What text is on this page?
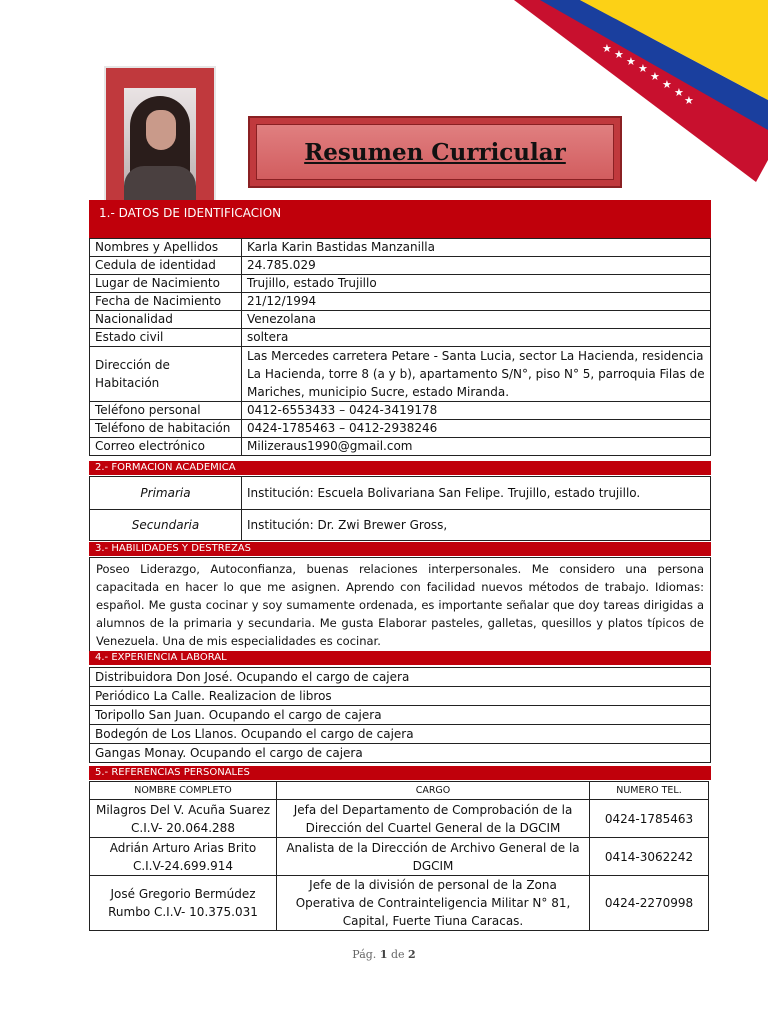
★ ★
★
★
★
★
★
★
Resumen Curricular
1.- DATOS DE IDENTIFICACION
Nombres y Apellidos	Karla Karin Bastidas Manzanilla
Cedula de identidad	24.785.029
Lugar de Nacimiento	Trujillo, estado Trujillo
Fecha de Nacimiento	21/12/1994
Nacionalidad	Venezolana
Estado civil	soltera
Dirección de Habitación	Las Mercedes carretera Petare - Santa Lucia, sector La Hacienda, residencia La Hacienda, torre 8 (a y b), apartamento S/N°, piso N° 5, parroquia Filas de Mariches, municipio Sucre, estado Miranda.
Teléfono personal	0412-6553433 – 0424-3419178
Teléfono de habitación	0424-1785463 – 0412-2938246
Correo electrónico	Milizeraus1990@gmail.com
2.- FORMACION ACADEMICA
Primaria	Institución: Escuela Bolivariana San Felipe. Trujillo, estado trujillo.
Secundaria	Institución: Dr. Zwi Brewer Gross,
3.- HABILIDADES Y DESTREZAS
Poseo Liderazgo, Autoconfianza, buenas relaciones interpersonales. Me considero una persona capacitada en hacer lo que me asignen. Aprendo con facilidad nuevos métodos de trabajo. Idiomas: español. Me gusta cocinar y soy sumamente ordenada, es importante señalar que doy tareas dirigidas a alumnos de la primaria y secundaria. Me gusta Elaborar pasteles, galletas, quesillos y platos típicos de Venezuela. Una de mis especialidades es cocinar.
4.- EXPERIENCIA LABORAL
Distribuidora Don José. Ocupando el cargo de cajera
Periódico La Calle. Realizacion de libros
Toripollo San Juan. Ocupando el cargo de cajera
Bodegón de Los Llanos. Ocupando el cargo de cajera
Gangas Monay. Ocupando el cargo de cajera
5.- REFERENCIAS PERSONALES
NOMBRE COMPLETO	CARGO	NUMERO TEL.
Milagros Del V. Acuña Suarez C.I.V- 20.064.288	Jefa del Departamento de Comprobación de la Dirección del Cuartel General de la DGCIM	0424-1785463
Adrián Arturo Arias Brito C.I.V-24.699.914	Analista de la Dirección de Archivo General de la DGCIM	0414-3062242
José Gregorio Bermúdez Rumbo C.I.V- 10.375.031	Jefe de la división de personal de la Zona Operativa de Contrainteligencia Militar N° 81, Capital, Fuerte Tiuna Caracas.	0424-2270998
Pág. 1 de 2
